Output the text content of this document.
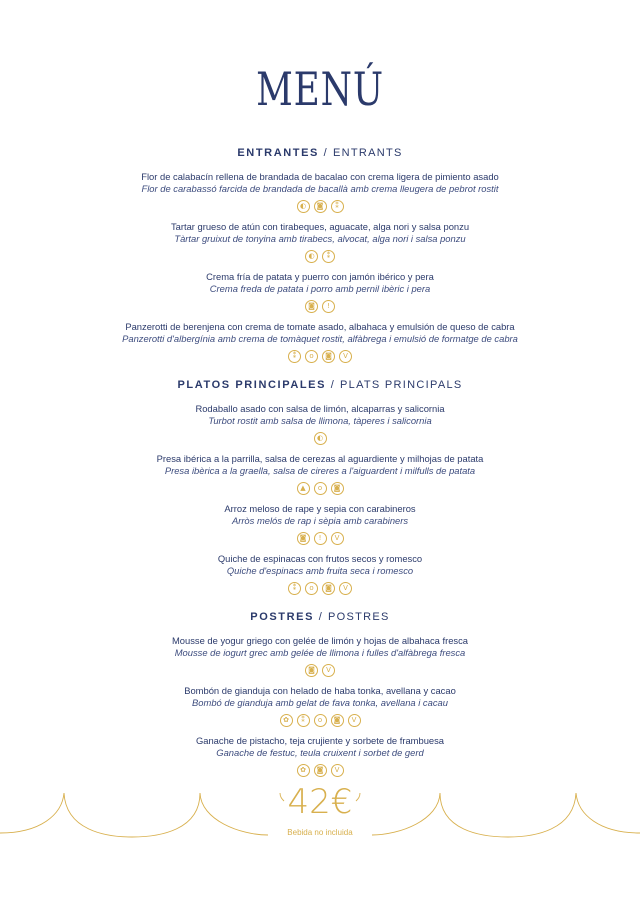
MENÚ
ENTRANTES / ENTRANTS
Flor de calabacín rellena de brandada de bacalao con crema ligera de pimiento asado
Flor de carabassó farcida de brandada de bacallà amb crema lleugera de pebrot rostit
◐	◙	⁑
Tartar grueso de atún con tirabeques, aguacate, alga nori y salsa ponzu
Tàrtar gruixut de tonyina amb tirabecs, alvocat, alga nori i salsa ponzu
◐	⁑
Crema fría de patata y puerro con jamón ibérico y pera
Crema freda de patata i porro amb pernil ibèric i pera
◙	!
Panzerotti de berenjena con crema de tomate asado, albahaca y emulsión de queso de cabra
Panzerotti d'albergínia amb crema de tomàquet rostit, alfàbrega i emulsió de formatge de cabra
⁑	o	◙	V
PLATOS PRINCIPALES / PLATS PRINCIPALS
Rodaballo asado con salsa de limón, alcaparras y salicornia
Turbot rostit amb salsa de llimona, tàperes i salicornia
◐
Presa ibérica a la parrilla, salsa de cerezas al aguardiente y milhojas de patata
Presa ibèrica a la graella, salsa de cireres a l'aiguardent i milfulls de patata
▲	o	◙
Arroz meloso de rape y sepia con carabineros
Arròs melós de rap i sèpia amb carabiners
◙	!	V
Quiche de espinacas con frutos secos y romesco
Quiche d'espinacs amb fruita seca i romesco
⁑	o	◙	V
POSTRES / POSTRES
Mousse de yogur griego con gelée de limón y hojas de albahaca fresca
Mousse de iogurt grec amb gelée de llimona i fulles d'alfàbrega fresca
◙	V
Bombón de gianduja con helado de haba tonka, avellana y cacao
Bombó de gianduja amb gelat de fava tonka, avellana i cacau
✿	⁑	o	◙	V
Ganache de pistacho, teja crujiente y sorbete de frambuesa
Ganache de festuc, teula cruixent i sorbet de gerd
✿	◙	V
42€
Bebida no incluida
